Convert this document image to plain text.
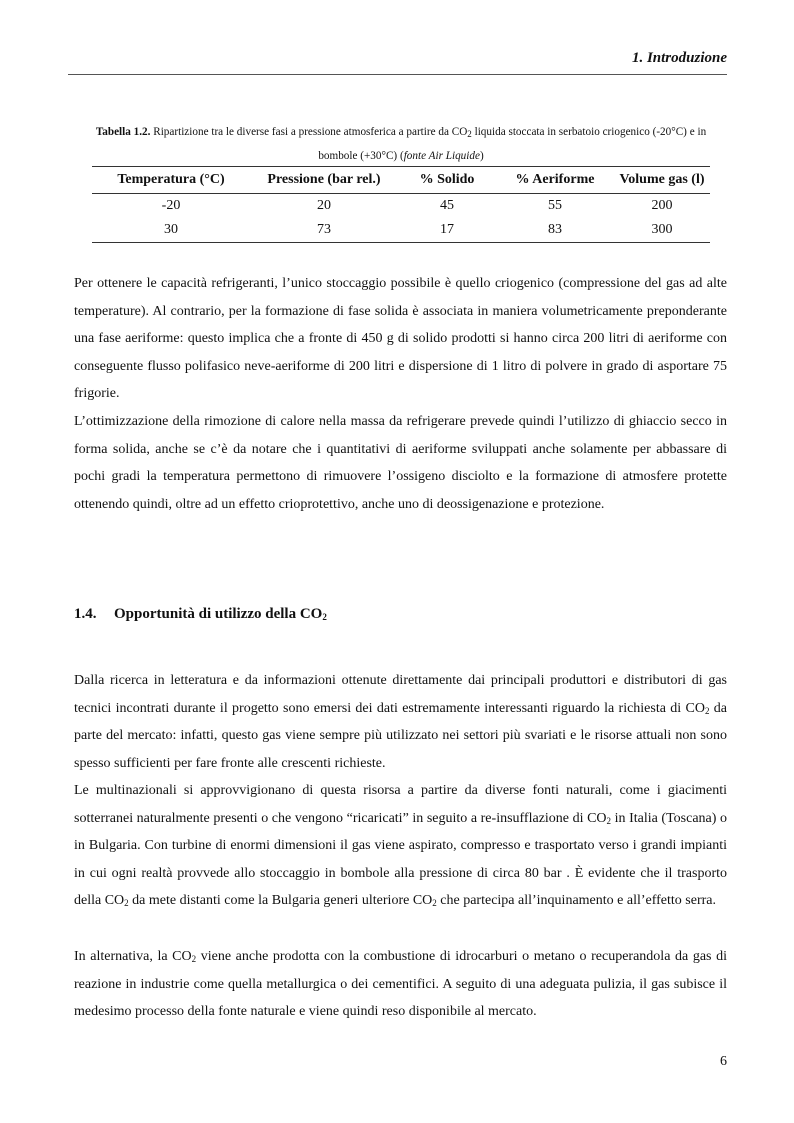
1. Introduzione
Tabella 1.2. Ripartizione tra le diverse fasi a pressione atmosferica a partire da $CO_2$ liquida stoccata in serbatoio criogenico (-20°C) e in bombole (+30°C) (fonte Air Liquide)
Temperatura (°C)	Pressione (bar rel.)	% Solido	% Aeriforme	Volume gas (l)
-20	20	45	55	200
30	73	17	83	300

Per ottenere le capacità refrigeranti, l’unico stoccaggio possibile è quello criogenico (compressione del gas ad alte temperature). Al contrario, per la formazione di fase solida è associata in maniera volumetricamente preponderante una fase aeriforme: questo implica che a fronte di 450 g di solido prodotti si hanno circa 200 litri di aeriforme con conseguente flusso polifasico neve-aeriforme di 200 litri e dispersione di 1 litro di polvere in grado di asportare 75 frigorie.

L’ottimizzazione della rimozione di calore nella massa da refrigerare prevede quindi l’utilizzo di ghiaccio secco in forma solida, anche se c’è da notare che i quantitativi di aeriforme sviluppati anche solamente per abbassare di pochi gradi la temperatura permettono di rimuovere l’ossigeno disciolto e la formazione di atmosfere protette ottenendo quindi, oltre ad un effetto crioprotettivo, anche uno di deossigenazione e protezione.

1.4. Opportunità di utilizzo della $CO_2$

Dalla ricerca in letteratura e da informazioni ottenute direttamente dai principali produttori e distributori di gas tecnici incontrati durante il progetto sono emersi dei dati estremamente interessanti riguardo la richiesta di $CO_2$ da parte del mercato: infatti, questo gas viene sempre più utilizzato nei settori più svariati e le risorse attuali non sono spesso sufficienti per fare fronte alle crescenti richieste.

Le multinazionali si approvvigionano di questa risorsa a partire da diverse fonti naturali, come i giacimenti sotterranei naturalmente presenti o che vengono “ricaricati” in seguito a re-insufflazione di $CO_2$ in Italia (Toscana) o in Bulgaria. Con turbine di enormi dimensioni il gas viene aspirato, compresso e trasportato verso i grandi impianti in cui ogni realtà provvede allo stoccaggio in bombole alla pressione di circa 80 bar . È evidente che il trasporto della $CO_2$ da mete distanti come la Bulgaria generi ulteriore $CO_2$ che partecipa all’inquinamento e all’effetto serra.

In alternativa, la $CO_2$ viene anche prodotta con la combustione di idrocarburi o metano o recuperandola da gas di reazione in industrie come quella metallurgica o dei cementifici. A seguito di una adeguata pulizia, il gas subisce il medesimo processo della fonte naturale e viene quindi reso disponibile al mercato.

6
